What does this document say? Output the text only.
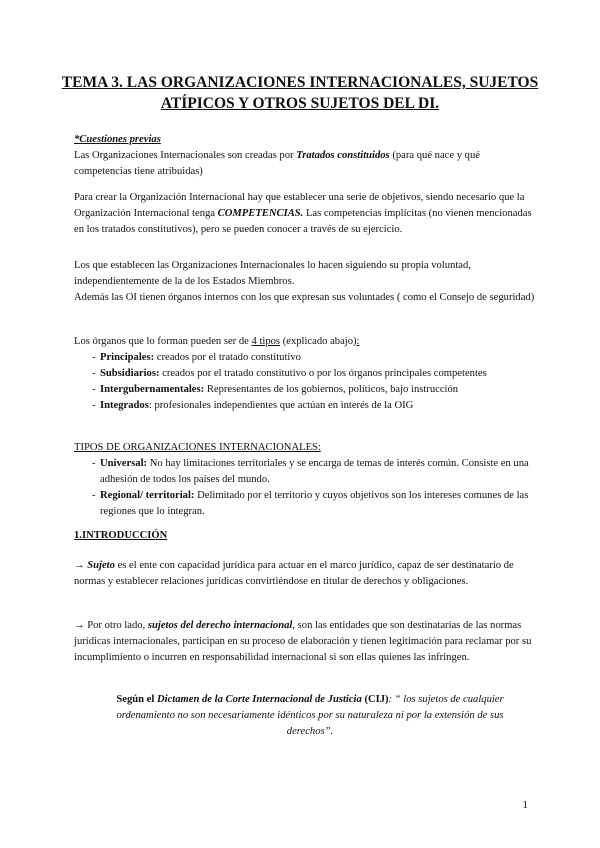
TEMA 3. LAS ORGANIZACIONES INTERNACIONALES, SUJETOS
ATÍPICOS Y OTROS SUJETOS DEL DI.

*Cuestiones previas

Las Organizaciones Internacionales son creadas por Tratados constituidos (para qué nace y qué competencias tiene atribuidas)

Para crear la Organización Internacional hay que establecer una serie de objetivos, siendo necesario que la Organización Internacional tenga COMPETENCIAS. Las competencias implícitas (no vienen mencionadas en los tratados constitutivos), pero se pueden conocer a través de su ejercicio.

Los que establecen las Organizaciones Internacionales lo hacen siguiendo su propia voluntad, independientemente de la de los Estados Miembros.

Además las OI tienen órganos internos con los que expresan sus voluntades ( como el Consejo de seguridad)

Los órganos que lo forman pueden ser de 4 tipos (explicado abajo):

- Principales: creados por el tratado constitutivo
- Subsidiarios: creados por el tratado constitutivo o por los órganos principales competentes
- Intergubernamentales: Representantes de los gobiernos, políticos, bajo instrucción
- Integrados: profesionales independientes que actúan en interés de la OIG

TIPOS DE ORGANIZACIONES INTERNACIONALES:

- Universal: No hay limitaciones territoriales y se encarga de temas de interés común. Consiste en una adhesión de todos los países del mundo.
- Regional/ territorial: Delimitado por el territorio y cuyos objetivos son los intereses comunes de las regiones que lo integran.

1.INTRODUCCIÓN

→ Sujeto es el ente con capacidad jurídica para actuar en el marco jurídico, capaz de ser destinatario de normas y establecer relaciones jurídicas convirtiéndose en titular de derechos y obligaciones.

→ Por otro lado, sujetos del derecho internacional, son las entidades que son destinatarias de las normas jurídicas internacionales, participan en su proceso de elaboración y tienen legitimación para reclamar por su incumplimiento o incurren en responsabilidad internacional si son ellas quienes las infringen.

Según el Dictamen de la Corte Internacional de Justicia (CIJ): “ los sujetos de cualquier ordenamiento no son necesariamente idénticos por su naturaleza ni por la extensión de sus derechos”.
1
